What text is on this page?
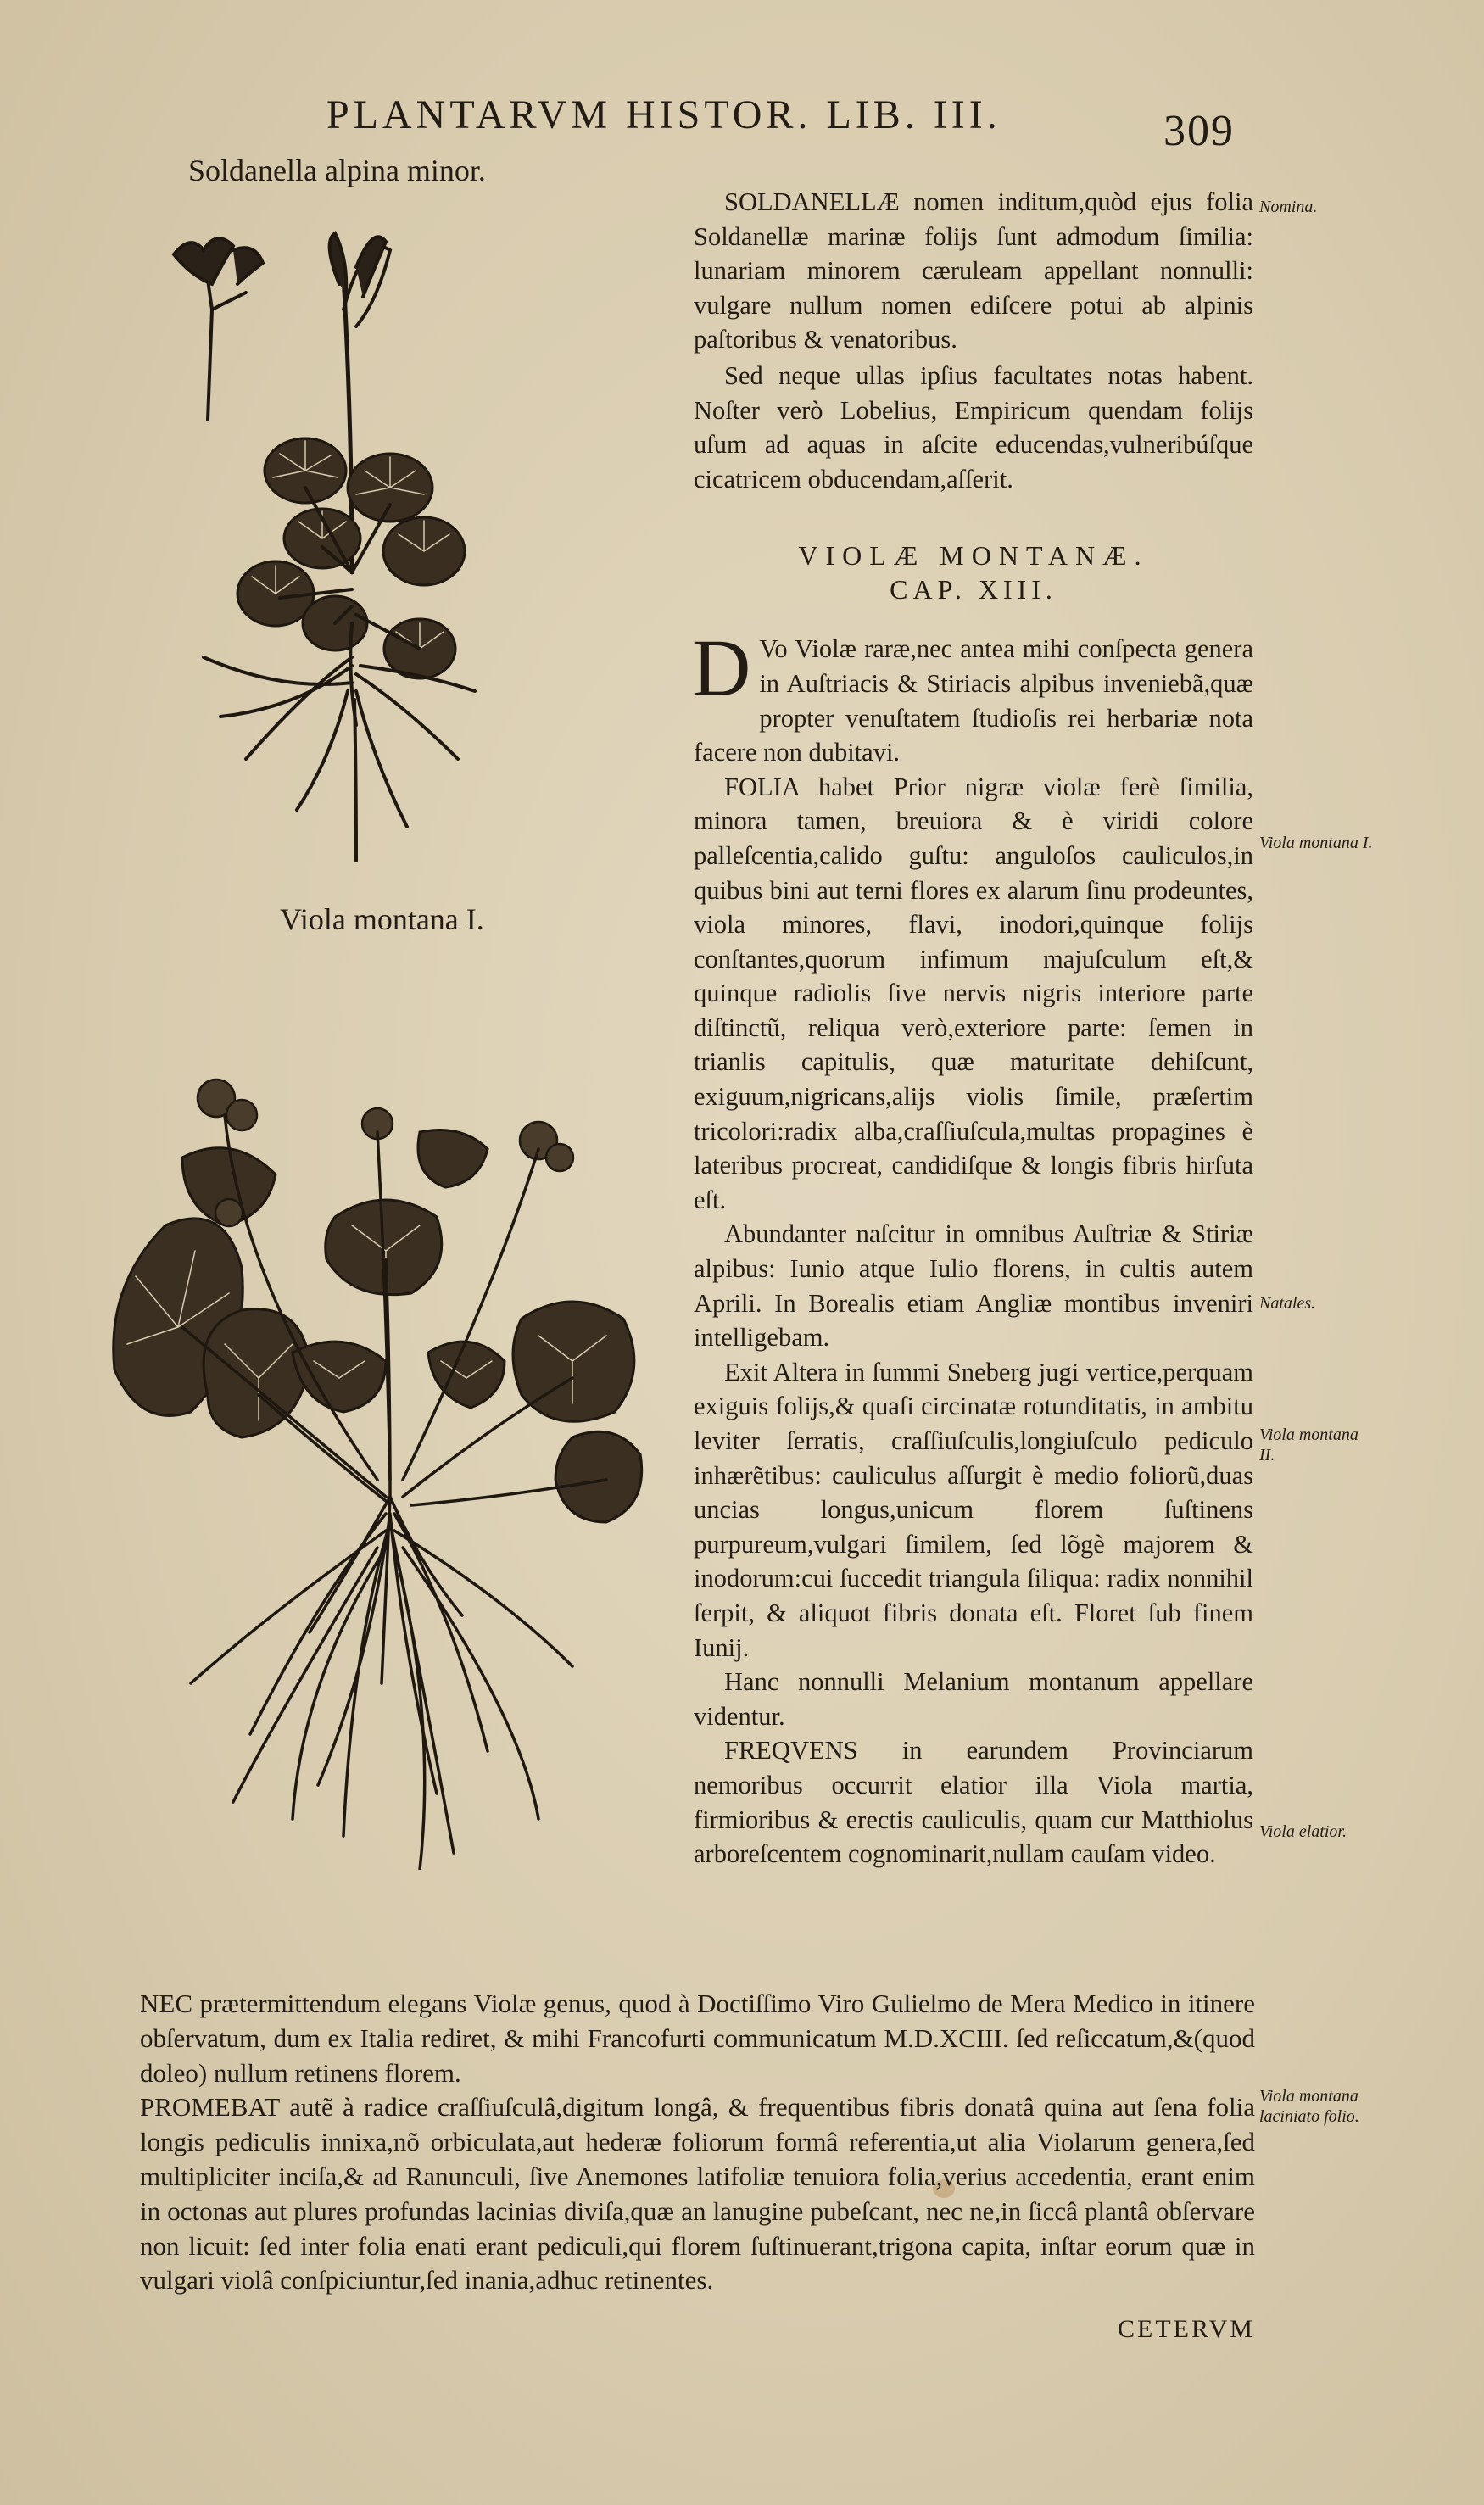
PLANTARVM HISTOR. LIB. III.	309
Soldanella alpina minor.
Viola montana I.

SOLDANELLÆ nomen inditum,quòd ejus folia Soldanellæ marinæ folijs ſunt admodum ſimilia: lunariam minorem cæruleam appellant nonnulli: vulgare nullum nomen ediſcere potui ab alpinis paſtoribus & venatoribus.

Sed neque ullas ipſius facultates notas habent. Noſter verò Lobelius, Empiricum quendam folijs uſum ad aquas in aſcite educendas,vulneribúſque cicatricem obducendam,aſſerit.

VIOLÆ MONTANÆ.
CAP. XIII.

D Vo Violæ raræ,nec antea mihi conſpecta genera in Auſtriacis & Stiriacis alpibus inveniebã,quæ propter venuſtatem ſtudioſis rei herbariæ nota facere non dubitavi.

FOLIA habet Prior nigræ violæ ferè ſimilia, minora tamen, breuiora & è viridi colore palleſcentia,calido guſtu: anguloſos cauliculos,in quibus bini aut terni flores ex alarum ſinu prodeuntes, viola minores, flavi, inodori,quinque folijs conſtantes,quorum infimum majuſculum eſt,& quinque radiolis ſive nervis nigris interiore parte diſtinctũ, reliqua verò,exteriore parte: ſemen in trianlis capitulis, quæ maturitate dehiſcunt, exiguum,nigricans,alijs violis ſimile, præſertim tricolori:radix alba,craſſiuſcula,multas propagines è lateribus procreat, candidiſque & longis fibris hirſuta eſt.

Abundanter naſcitur in omnibus Auſtriæ & Stiriæ alpibus: Iunio atque Iulio florens, in cultis autem Aprili. In Borealis etiam Angliæ montibus inveniri intelligebam.

Exit Altera in ſummi Sneberg jugi vertice,perquam exiguis folijs,& quaſi circinatæ rotunditatis, in ambitu leviter ſerratis, craſſiuſculis,longiuſculo pediculo inhærẽtibus: cauliculus aſſurgit è medio foliorũ,duas uncias longus,unicum florem ſuſtinens purpureum,vulgari ſimilem, ſed lõgè majorem & inodorum:cui ſuccedit triangula ſiliqua: radix nonnihil ſerpit, & aliquot fibris donata eſt. Floret ſub finem Iunij.

Hanc nonnulli Melanium montanum appellare videntur.

FREQVENS in earundem Provinciarum nemoribus occurrit elatior illa Viola martia, firmioribus & erectis cauliculis, quam cur Matthiolus arboreſcentem cognominarit,nullam cauſam video.

NEC prætermittendum elegans Violæ genus, quod à Doctiſſimo Viro Gulielmo de Mera Medico in itinere obſervatum, dum ex Italia rediret, & mihi Francofurti communicatum M.D.XCIII. ſed reſiccatum,&(quod doleo) nullum retinens florem.

PROMEBAT autẽ à radice craſſiuſculâ,digitum longâ, & frequentibus fibris donatâ quina aut ſena folia longis pediculis innixa,nõ orbiculata,aut hederæ foliorum formâ referentia,ut alia Violarum genera,ſed multipliciter inciſa,& ad Ranunculi, ſive Anemones latifoliæ tenuiora folia,verius accedentia, erant enim in octonas aut plures profundas lacinias diviſa,quæ an lanugine pubeſcant, nec ne,in ſiccâ plantâ obſervare non licuit: ſed inter folia enati erant pediculi,qui florem ſuſtinuerant,trigona capita, inſtar eorum quæ in vulgari violâ conſpiciuntur,ſed inania,adhuc retinentes.

Nomina.
Viola montana I.
Natales.
Viola montana II.
Viola elatior.
Viola montana laciniato folio.
CETERVM
